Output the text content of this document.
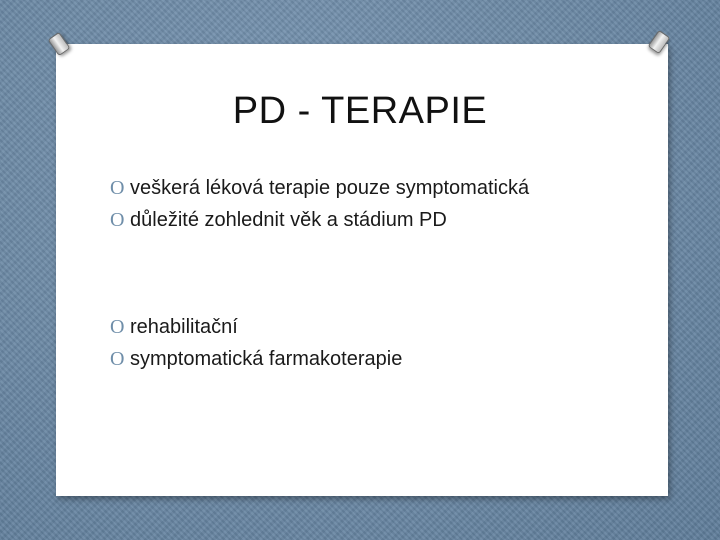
PD - TERAPIE
O veškerá léková terapie pouze symptomatická
O důležité zohlednit věk a stádium PD
O rehabilitační
O symptomatická farmakoterapie
